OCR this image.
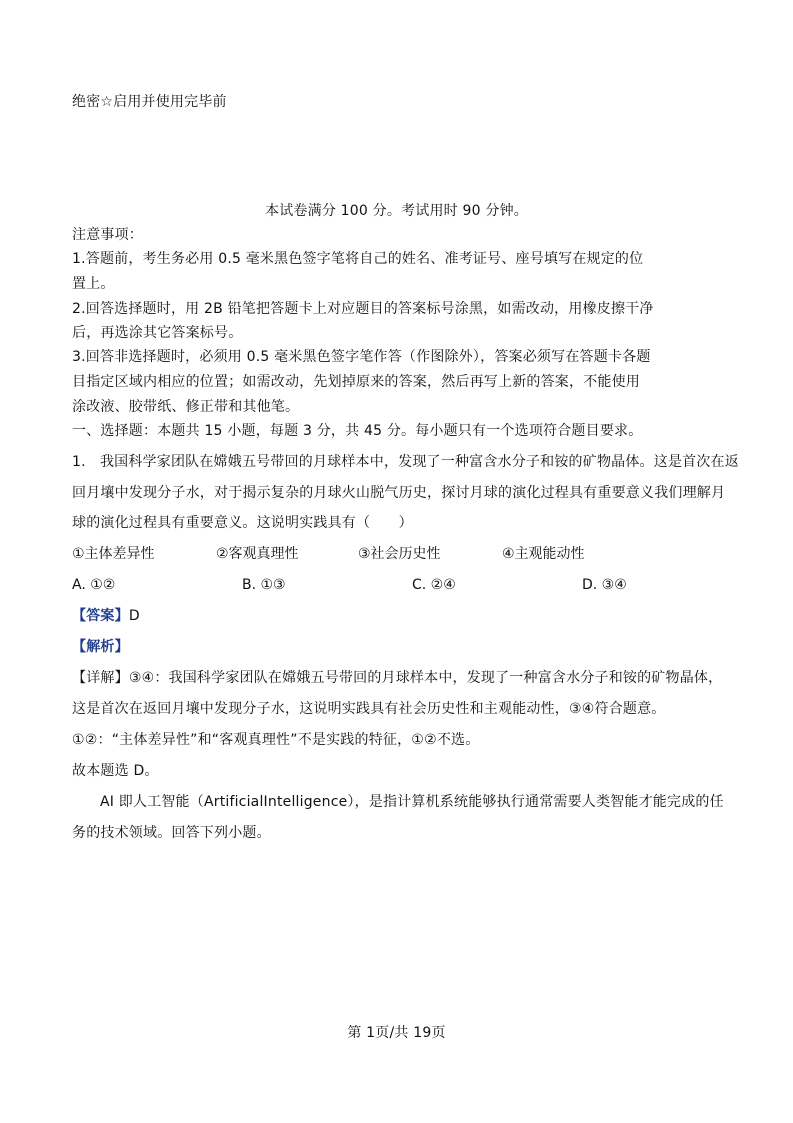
绝密☆启用并使用完毕前
本试卷满分 100 分。考试用时 90 分钟。
注意事项：
1.答题前，考生务必用 0.5 毫米黑色签字笔将自己的姓名、准考证号、座号填写在规定的位
置上。
2.回答选择题时，用 2B 铅笔把答题卡上对应题目的答案标号涂黑，如需改动，用橡皮擦干净
后，再选涂其它答案标号。
3.回答非选择题时，必须用 0.5 毫米黑色签字笔作答（作图除外），答案必须写在答题卡各题
目指定区域内相应的位置；如需改动，先划掉原来的答案，然后再写上新的答案，不能使用
涂改液、胶带纸、修正带和其他笔。
一、选择题：本题共 15 小题，每题 3 分，共 45 分。每小题只有一个选项符合题目要求。
1.　我国科学家团队在嫦娥五号带回的月球样本中，发现了一种富含水分子和铵的矿物晶体。这是首次在返
回月壤中发现分子水，对于揭示复杂的月球火山脱气历史，探讨月球的演化过程具有重要意义我们理解月
球的演化过程具有重要意义。这说明实践具有（　　）
①主体差异性	②客观真理性	③社会历史性	④主观能动性
A. ①②	B. ①③	C. ②④	D. ③④
【答案】D
【解析】
【详解】③④：我国科学家团队在嫦娥五号带回的月球样本中，发现了一种富含水分子和铵的矿物晶体，
这是首次在返回月壤中发现分子水，这说明实践具有社会历史性和主观能动性，③④符合题意。
①②：“主体差异性”和“客观真理性”不是实践的特征，①②不选。
故本题选 D。
AI 即人工智能（ArtificialIntelligence），是指计算机系统能够执行通常需要人类智能才能完成的任
务的技术领域。回答下列小题。
第 1页/共 19页
